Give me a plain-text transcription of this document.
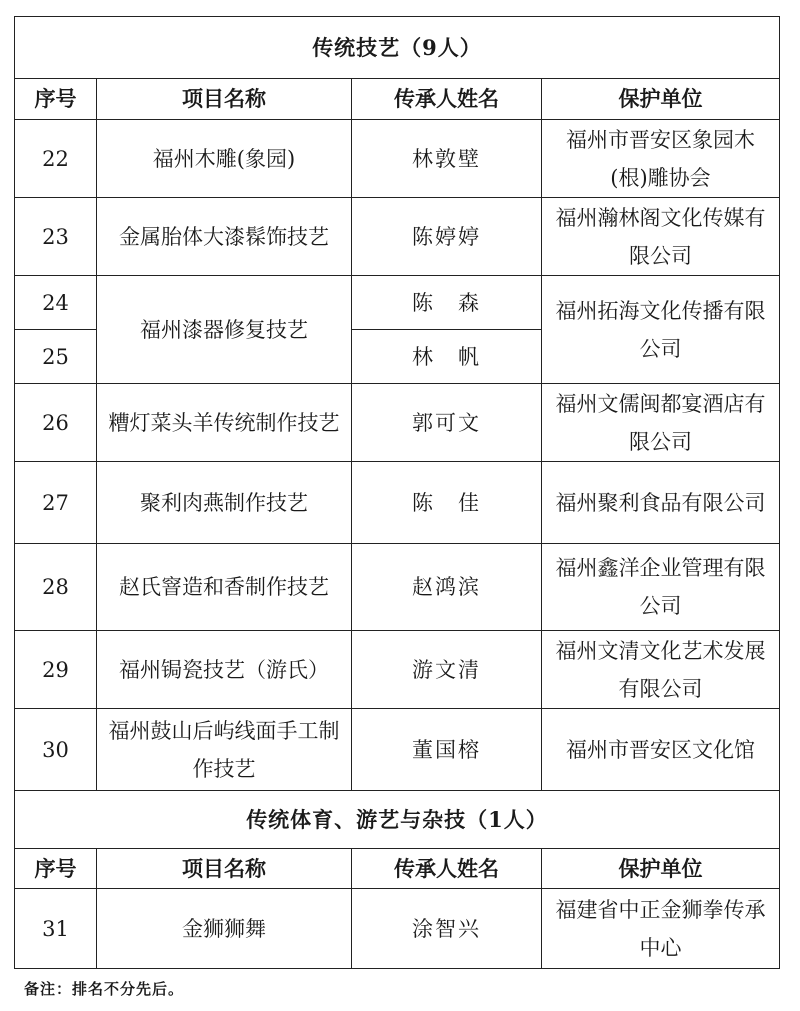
传统技艺（9人）			
序号	项目名称	传承人姓名	保护单位
22	福州木雕(象园)	林敦壁	福州市晋安区象园木(根)雕协会
23	金属胎体大漆髹饰技艺	陈婷婷	福州瀚林阁文化传媒有限公司
24	福州漆器修复技艺	陈　森	福州拓海文化传播有限公司
25		林　帆	
26	糟灯菜头羊传统制作技艺	郭可文	福州文儒闽都宴酒店有限公司
27	聚利肉燕制作技艺	陈　佳	福州聚利食品有限公司
28	赵氏窨造和香制作技艺	赵鸿滨	福州鑫洋企业管理有限公司
29	福州锔瓷技艺（游氏）	游文清	福州文清文化艺术发展有限公司
30	福州鼓山后屿线面手工制作技艺	董国榕	福州市晋安区文化馆
传统体育、游艺与杂技（1人）			
序号	项目名称	传承人姓名	保护单位
31	金狮狮舞	涂智兴	福建省中正金狮拳传承中心
备注：排名不分先后。
